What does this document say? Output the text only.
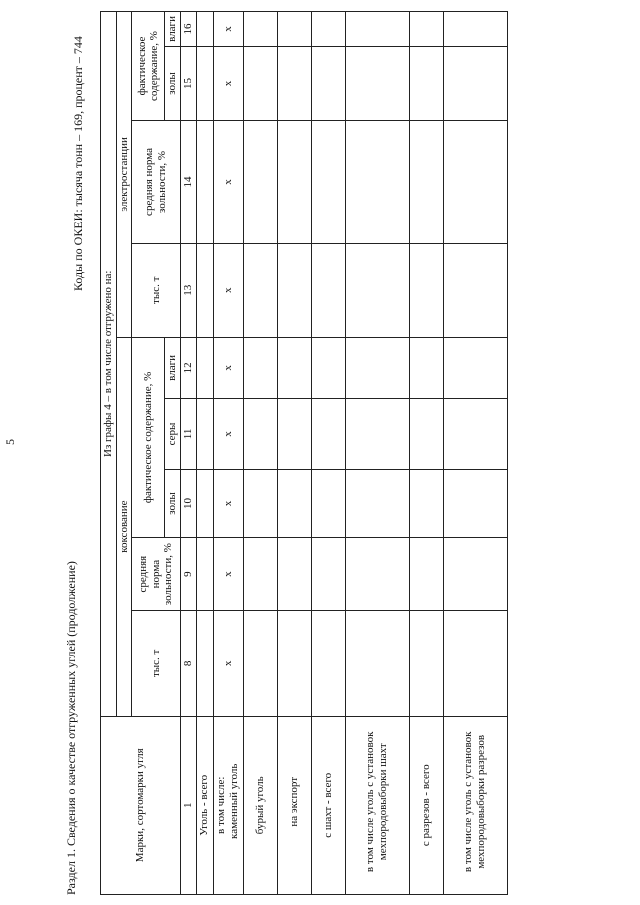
5
Раздел 1. Сведения о качестве отгруженных углей (продолжение)
Коды по ОКЕИ: тысяча тонн – 169, процент – 744
Марки, сортомарки угля	Из графы 4 – в том числе отгружено на:								
	коксование					электростанции			
	тыс. т	средняя норма зольности, %	фактическое содержание, %			тыс. т	средняя норма зольности, %	фактическое содержание, %	
			золы	серы	влаги			золы	влаги
1	8	9	10	11	12	13	14	15	16
Уголь - всего									

в том числе: каменный уголь	x	x	x	x	x	x	x	x	x
бурый уголь									
на экспорт									
с шахт - всего									
в том числе уголь с установок мехпородовыборки шахт									
с разрезов - всего									
в том числе уголь с установок мехпородовыборки разрезов									
